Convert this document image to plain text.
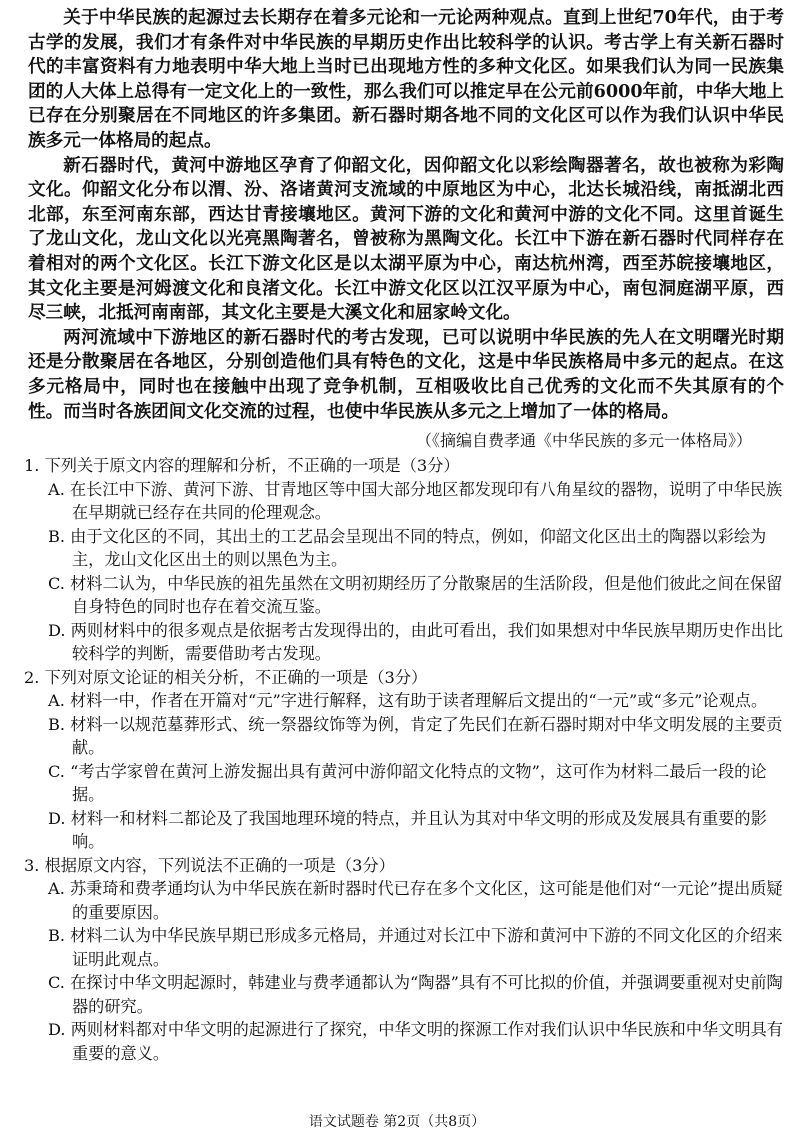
关于中华民族的起源过去长期存在着多元论和一元论两种观点。直到上世纪70年代，由于考古学的发展，我们才有条件对中华民族的早期历史作出比较科学的认识。考古学上有关新石器时代的丰富资料有力地表明中华大地上当时已出现地方性的多种文化区。如果我们认为同一民族集团的人大体上总得有一定文化上的一致性，那么我们可以推定早在公元前6000年前，中华大地上已存在分别聚居在不同地区的许多集团。新石器时期各地不同的文化区可以作为我们认识中华民族多元一体格局的起点。

新石器时代，黄河中游地区孕育了仰韶文化，因仰韶文化以彩绘陶器著名，故也被称为彩陶文化。仰韶文化分布以渭、汾、洛诸黄河支流域的中原地区为中心，北达长城沿线，南抵湖北西北部，东至河南东部，西达甘青接壤地区。黄河下游的文化和黄河中游的文化不同。这里首诞生了龙山文化，龙山文化以光亮黑陶著名，曾被称为黑陶文化。长江中下游在新石器时代同样存在着相对的两个文化区。长江下游文化区是以太湖平原为中心，南达杭州湾，西至苏皖接壤地区，其文化主要是河姆渡文化和良渚文化。长江中游文化区以江汉平原为中心，南包洞庭湖平原，西尽三峡，北抵河南南部，其文化主要是大溪文化和屈家岭文化。

两河流域中下游地区的新石器时代的考古发现，已可以说明中华民族的先人在文明曙光时期还是分散聚居在各地区，分别创造他们具有特色的文化，这是中华民族格局中多元的起点。在这多元格局中，同时也在接触中出现了竞争机制，互相吸收比自己优秀的文化而不失其原有的个性。而当时各族团间文化交流的过程，也使中华民族从多元之上增加了一体的格局。

（《摘编自费孝通《中华民族的多元一体格局》）

1. 下列关于原文内容的理解和分析，不正确的一项是（3分）

A. 在长江中下游、黄河下游、甘青地区等中国大部分地区都发现印有八角星纹的器物，说明了中华民族在早期就已经存在共同的伦理观念。

B. 由于文化区的不同，其出土的工艺品会呈现出不同的特点，例如，仰韶文化区出土的陶器以彩绘为主，龙山文化区出土的则以黑色为主。

C. 材料二认为，中华民族的祖先虽然在文明初期经历了分散聚居的生活阶段，但是他们彼此之间在保留自身特色的同时也存在着交流互鉴。

D. 两则材料中的很多观点是依据考古发现得出的，由此可看出，我们如果想对中华民族早期历史作出比较科学的判断，需要借助考古发现。

2. 下列对原文论证的相关分析，不正确的一项是（3分）

A. 材料一中，作者在开篇对“元”字进行解释，这有助于读者理解后文提出的“一元”或“多元”论观点。

B. 材料一以规范墓葬形式、统一祭器纹饰等为例，肯定了先民们在新石器时期对中华文明发展的主要贡献。

C. “考古学家曾在黄河上游发掘出具有黄河中游仰韶文化特点的文物”，这可作为材料二最后一段的论据。

D. 材料一和材料二都论及了我国地理环境的特点，并且认为其对中华文明的形成及发展具有重要的影响。

3. 根据原文内容，下列说法不正确的一项是（3分）

A. 苏秉琦和费孝通均认为中华民族在新时器时代已存在多个文化区，这可能是他们对“一元论”提出质疑的重要原因。

B. 材料二认为中华民族早期已形成多元格局，并通过对长江中下游和黄河中下游的不同文化区的介绍来证明此观点。

C. 在探讨中华文明起源时，韩建业与费孝通都认为“陶器”具有不可比拟的价值，并强调要重视对史前陶器的研究。

D. 两则材料都对中华文明的起源进行了探究，中华文明的探源工作对我们认识中华民族和中华文明具有重要的意义。

语文试题卷 第2页（共8页）
